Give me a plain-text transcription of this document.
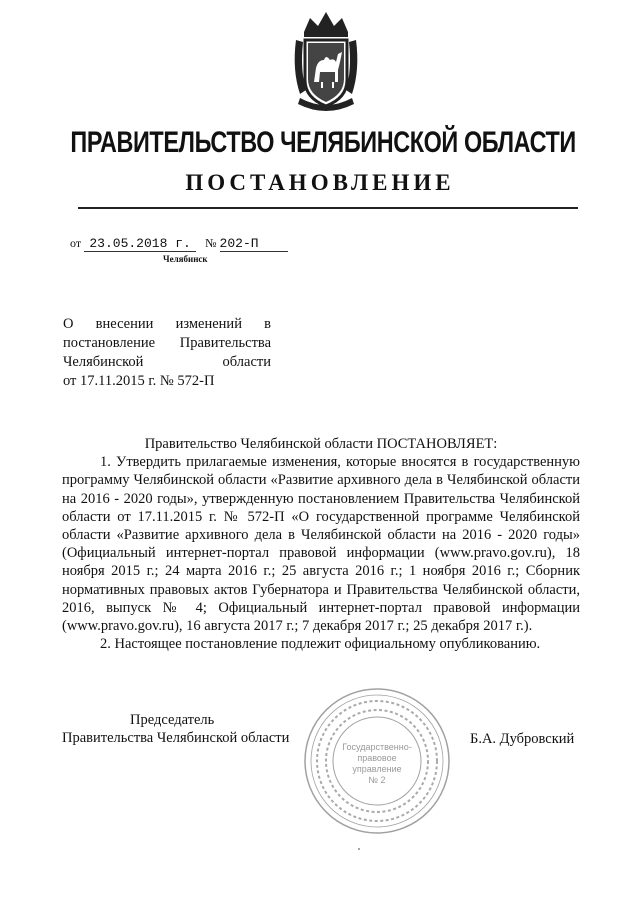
ПРАВИТЕЛЬСТВО ЧЕЛЯБИНСКОЙ ОБЛАСТИ
ПОСТАНОВЛЕНИЕ
от 23.05.2018 г. № 202-П
Челябинск
О внесении изменений в
постановление Правительства
Челябинской области
от 17.11.2015 г. № 572-П

Правительство Челябинской области ПОСТАНОВЛЯЕТ:

1. Утвердить прилагаемые изменения, которые вносятся в государственную программу Челябинской области «Развитие архивного дела в Челябинской области на 2016 - 2020 годы», утвержденную постановлением Правительства Челябинской области от 17.11.2015 г. № 572-П «О государственной программе Челябинской области «Развитие архивного дела в Челябинской области на 2016 - 2020 годы» (Официальный интернет-портал правовой информации (www.pravo.gov.ru), 18 ноября 2015 г.; 24 марта 2016 г.; 25 августа 2016 г.; 1 ноября 2016 г.; Сборник нормативных правовых актов Губернатора и Правительства Челябинской области, 2016, выпуск № 4; Официальный интернет-портал правовой информации (www.pravo.gov.ru), 16 августа 2017 г.; 7 декабря 2017 г.; 25 декабря 2017 г.).

2. Настоящее постановление подлежит официальному опубликованию.

Председатель
Правительства Челябинской области	Б.А. Дубровский
Государственно-
правовое
управление
№ 2
